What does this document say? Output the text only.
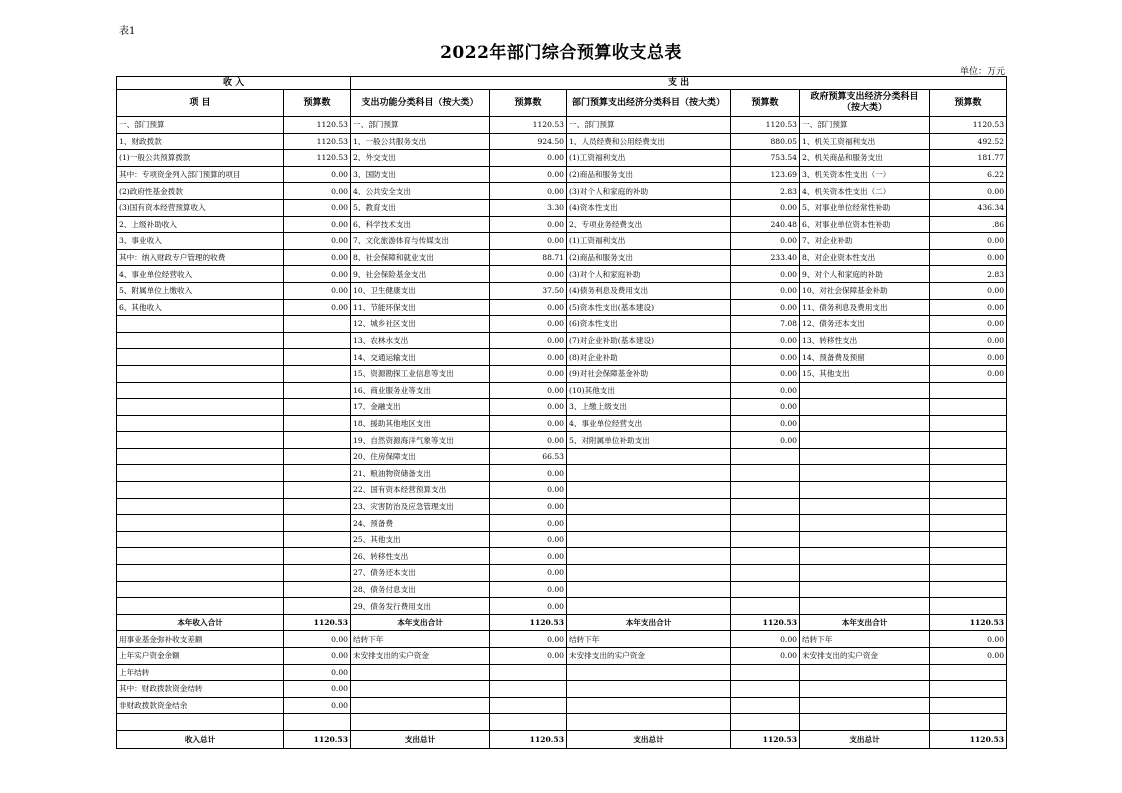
表1
2022年部门综合预算收支总表
单位：万元
收 入		支 出					
项 目	预算数	支出功能分类科目（按大类）	预算数	部门预算支出经济分类科目（按大类）	预算数	政府预算支出经济分类科目（按大类）	预算数
一、部门预算	1120.53	一、部门预算	1120.53	一、部门预算	1120.53	一、部门预算	1120.53
1、财政拨款	1120.53	1、一般公共服务支出	924.50	1、人员经费和公用经费支出	880.05	1、机关工资福利支出	492.52
(1)一般公共预算拨款	1120.53	2、外交支出	0.00	(1)工资福利支出	753.54	2、机关商品和服务支出	181.77
其中：专项资金列入部门预算的项目	0.00	3、国防支出	0.00	(2)商品和服务支出	123.69	3、机关资本性支出（一）	6.22
(2)政府性基金拨款	0.00	4、公共安全支出	0.00	(3)对个人和家庭的补助	2.83	4、机关资本性支出（二）	0.00
(3)国有资本经营预算收入	0.00	5、教育支出	3.30	(4)资本性支出	0.00	5、对事业单位经常性补助	436.34
2、上级补助收入	0.00	6、科学技术支出	0.00	2、专项业务经费支出	240.48	6、对事业单位资本性补助	.86
3、事业收入	0.00	7、文化旅游体育与传媒支出	0.00	(1)工资福利支出	0.00	7、对企业补助	0.00
其中：纳入财政专户管理的收费	0.00	8、社会保障和就业支出	88.71	(2)商品和服务支出	233.40	8、对企业资本性支出	0.00
4、事业单位经营收入	0.00	9、社会保险基金支出	0.00	(3)对个人和家庭补助	0.00	9、对个人和家庭的补助	2.83
5、附属单位上缴收入	0.00	10、卫生健康支出	37.50	(4)债务利息及费用支出	0.00	10、对社会保障基金补助	0.00
6、其他收入	0.00	11、节能环保支出	0.00	(5)资本性支出(基本建设)	0.00	11、债务利息及费用支出	0.00
		12、城乡社区支出	0.00	(6)资本性支出	7.08	12、债务还本支出	0.00
		13、农林水支出	0.00	(7)对企业补助(基本建设)	0.00	13、转移性支出	0.00
		14、交通运输支出	0.00	(8)对企业补助	0.00	14、预备费及预留	0.00
		15、资源勘探工业信息等支出	0.00	(9)对社会保障基金补助	0.00	15、其他支出	0.00
		16、商业服务业等支出	0.00	(10)其他支出	0.00		
		17、金融支出	0.00	3、上缴上级支出	0.00		
		18、援助其他地区支出	0.00	4、事业单位经营支出	0.00		
		19、自然资源海洋气象等支出	0.00	5、对附属单位补助支出	0.00		
		20、住房保障支出	66.53				
		21、粮油物资储备支出	0.00				
		22、国有资本经营预算支出	0.00				
		23、灾害防治及应急管理支出	0.00				
		24、预备费	0.00				
		25、其他支出	0.00				
		26、转移性支出	0.00				
		27、债务还本支出	0.00				
		28、债务付息支出	0.00				
		29、债务发行费用支出	0.00				
本年收入合计	1120.53	本年支出合计	1120.53	本年支出合计	1120.53	本年支出合计	1120.53
用事业基金弥补收支差额	0.00	结转下年	0.00	结转下年	0.00	结转下年	0.00
上年实户资金余额	0.00	未安排支出的实户资金	0.00	未安排支出的实户资金	0.00	未安排支出的实户资金	0.00
上年结转	0.00						
其中：财政拨款资金结转	0.00						
非财政拨款资金结余	0.00						

收入总计	1120.53	支出总计	1120.53	支出总计	1120.53	支出总计	1120.53
